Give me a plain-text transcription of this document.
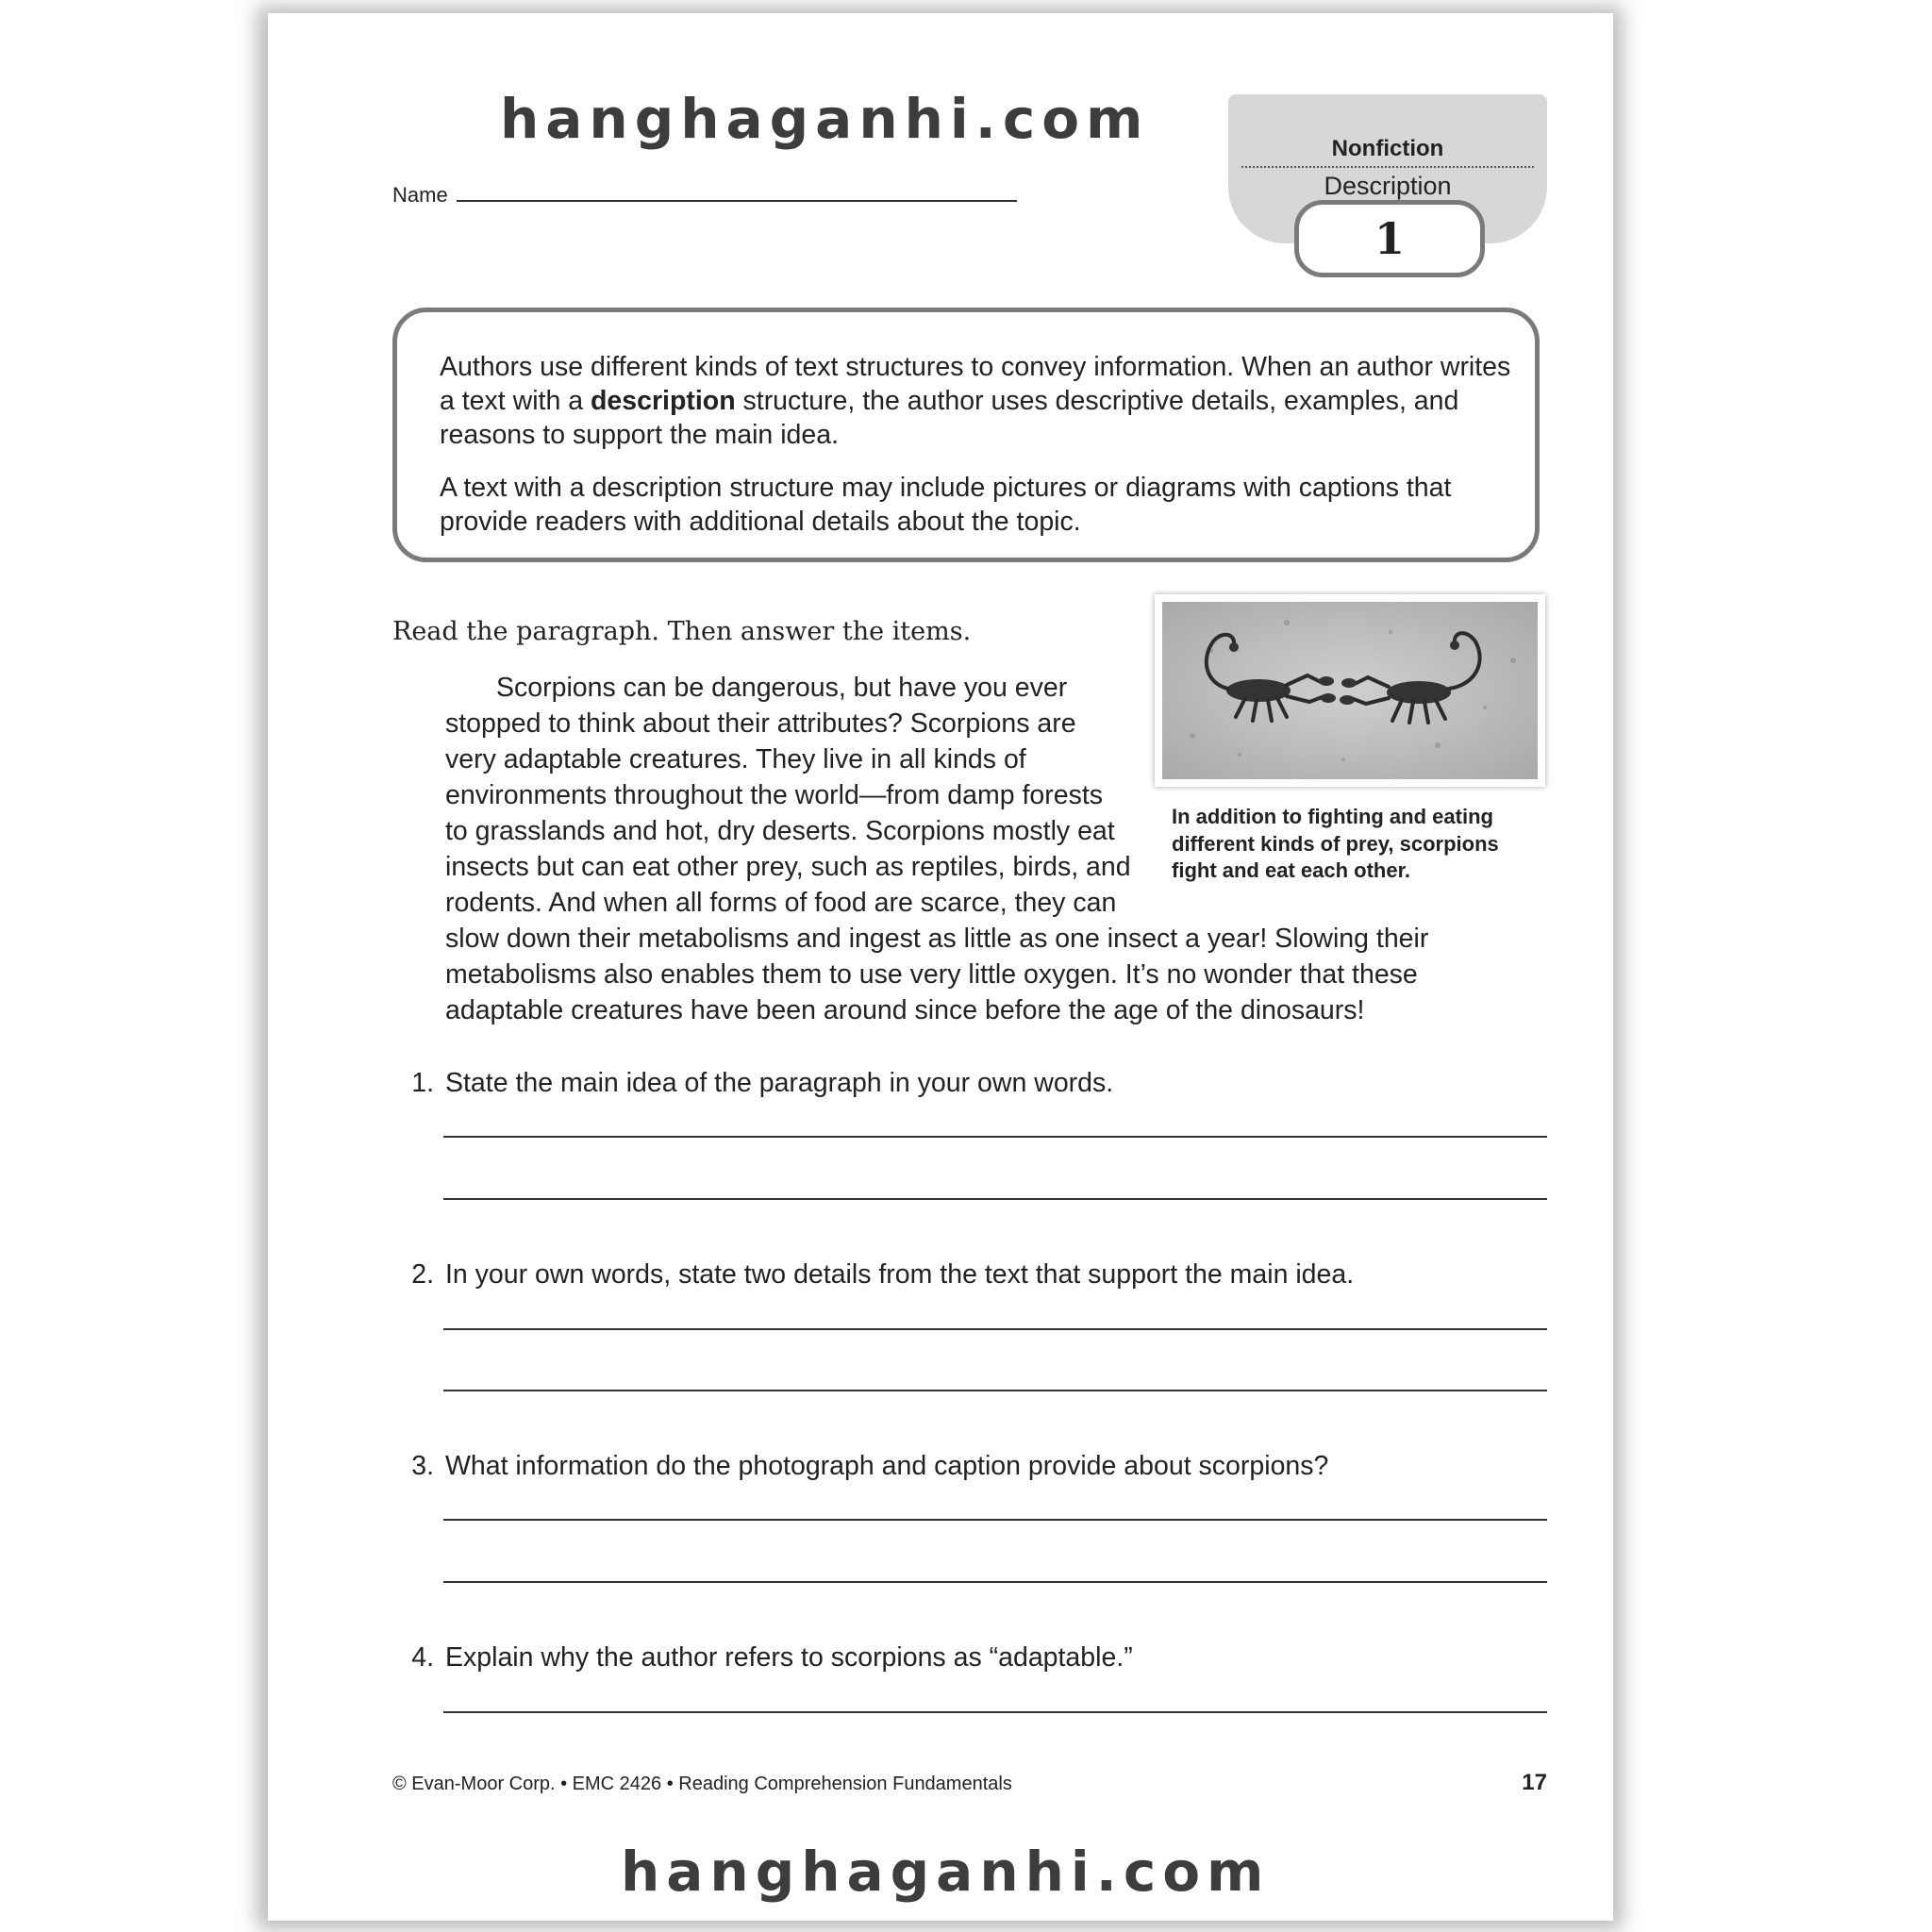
hanghaganhi.com
Name
Nonfiction
Description
1
Authors use different kinds of text structures to convey information. When an author writes a text with a description structure, the author uses descriptive details, examples, and reasons to support the main idea.
A text with a description structure may include pictures or diagrams with captions that provide readers with additional details about the topic.
Read the paragraph. Then answer the items.
Scorpions can be dangerous, but have you ever
stopped to think about their attributes? Scorpions are
very adaptable creatures. They live in all kinds of
environments throughout the world—from damp forests
to grasslands and hot, dry deserts. Scorpions mostly eat
insects but can eat other prey, such as reptiles, birds, and
rodents. And when all forms of food are scarce, they can
slow down their metabolisms and ingest as little as one insect a year! Slowing their
metabolisms also enables them to use very little oxygen. It’s no wonder that these
adaptable creatures have been around since before the age of the dinosaurs!
In addition to fighting and eating
different kinds of prey, scorpions
fight and eat each other.
1. State the main idea of the paragraph in your own words.
2. In your own words, state two details from the text that support the main idea.
3. What information do the photograph and caption provide about scorpions?
4. Explain why the author refers to scorpions as “adaptable.”
© Evan-Moor Corp. • EMC 2426 • Reading Comprehension Fundamentals	17
hanghaganhi.com
